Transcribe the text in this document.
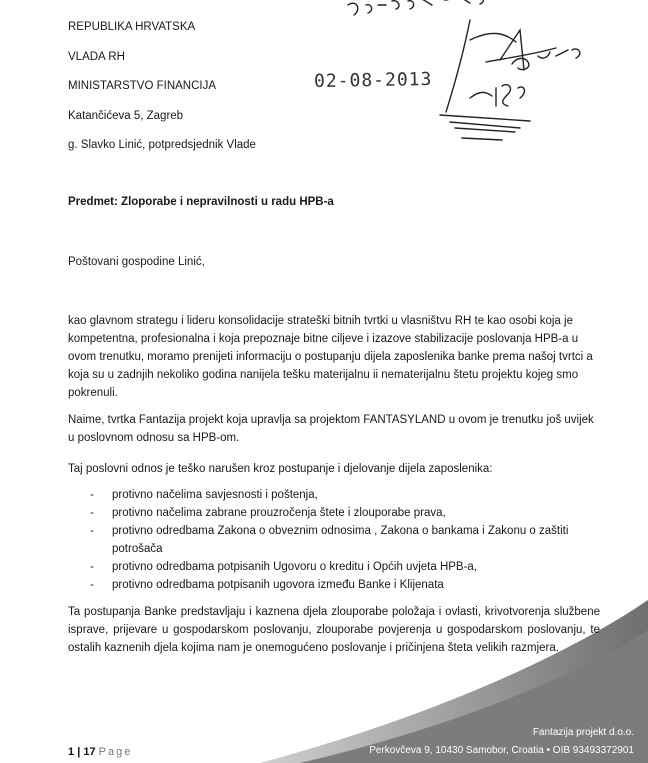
REPUBLIKA HRVATSKA
VLADA RH
MINISTARSTVO FINANCIJA
Katančićeva 5, Zagreb
g. Slavko Linić, potpredsjednik Vlade
02-08-2013
Predmet: Zloporabe i nepravilnosti u radu HPB-a
Poštovani gospodine Linić,
kao glavnom strategu i lideru konsolidacije strateški bitnih tvrtki u vlasništvu RH te kao osobi koja je kompetentna, profesionalna i koja prepoznaje bitne ciljeve i izazove stabilizacije poslovanja HPB-a u ovom trenutku, moramo prenijeti informaciju o postupanju dijela zaposlenika banke prema našoj tvrtci a koja su u zadnjih nekoliko godina nanijela tešku materijalnu ii nematerijalnu štetu projektu kojeg smo pokrenuli.
Naime, tvrtka Fantazija projekt koja upravlja sa projektom FANTASYLAND u ovom je trenutku još uvijek u poslovnom odnosu sa HPB-om.
Taj poslovni odnos je teško narušen kroz postupanje i djelovanje dijela zaposlenika:
- protivno načelima savjesnosti i poštenja,
- protivno načelima zabrane prouzročenja štete i zlouporabe prava,
- protivno odredbama Zakona o obveznim odnosima , Zakona o bankama i Zakonu o zaštiti potrošača
- protivno odredbama potpisanih Ugovoru o kreditu i Općih uvjeta HPB-a,
- protivno odredbama potpisanih ugovora između Banke i Klijenata
Ta postupanja Banke predstavljaju i kaznena djela zlouporabe položaja i ovlasti, krivotvorenja službene isprave, prijevare u gospodarskom poslovanju, zlouporabe povjerenja u gospodarskom poslovanju, te ostalih kaznenih djela kojima nam je onemogućeno poslovanje i pričinjena šteta velikih razmjera.
1 | 17 Page
Fantazija projekt d.o.o.
Perkovčeva 9, 10430 Samobor, Croatia • OIB 93493372901
